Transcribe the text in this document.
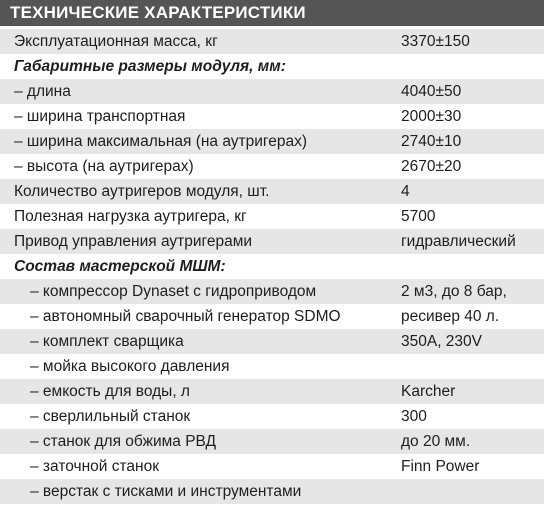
ТЕХНИЧЕСКИЕ ХАРАКТЕРИСТИКИ
Эксплуатационная масса, кг	3370±150
Габаритные размеры модуля, мм:
– длина	4040±50
– ширина транспортная	2000±30
– ширина максимальная (на аутригерах)	2740±10
– высота (на аутригерах)	2670±20
Количество аутригеров модуля, шт.	4
Полезная нагрузка аутригера, кг	5700
Привод управления аутригерами	гидравлический
Состав мастерской МШМ:
– компрессор Dynaset с гидроприводом	2 м3, до 8 бар,
– автономный сварочный генератор SDMO	ресивер 40 л.
– комплект сварщика	350А, 230V
– мойка высокого давления
– емкость для воды, л	Karcher
– сверлильный станок	300
– станок для обжима РВД	до 20 мм.
– заточной станок	Finn Power
– верстак с тисками и инструментами
